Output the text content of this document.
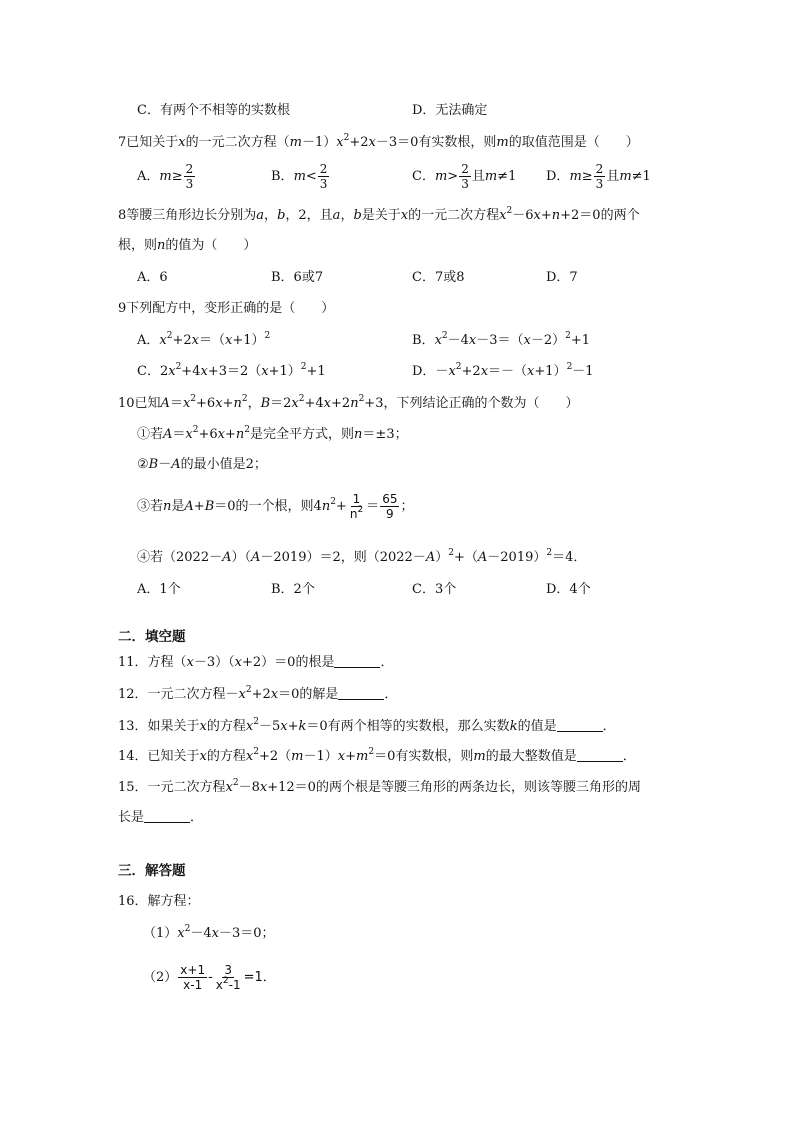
C．有两个不相等的实数根	D．无法确定
7已知关于x的一元二次方程$(m-1)x^2+2x-3=0$有实数根，则m的取值范围是（　　）
A．$m\ge \frac{2}{3}$	B．$m< \frac{2}{3}$	C．$m> \frac{2}{3}$ 且m≠1 D．$m\ge \frac{2}{3}$ 且m≠1
8等腰三角形边长分别为a，b，2，且a，b是关于x的一元二次方程$x^2-6x+n+2=0$的两个
根，则n的值为（　　）
A．6	B．6或7	C．7或8	D．7
9下列配方中，变形正确的是（　　）
A．$x^2+2x=(x+1)^2$	B．$x^2-4x-3=(x-2)^2+1$
C．$2x^2+4x+3=2(x+1)^2+1$	D．$-x^2+2x=-(x+1)^2-1$
10已知$A=x^2+6x+n^2$，$B=2x^2+4x+2n^2+3$，下列结论正确的个数为（　　）
①若$A=x^2+6x+n^2$是完全平方式，则n＝±3；
②B－A的最小值是2；
③若n是A+B＝0的一个根，则$4n^2+ \frac{1}{n^2} = \frac{65}{9}$ ；
④若（2022－A）（A－2019）＝2，则$(2022-A)^2+(A-2019)^2=4$．
A．1个	B．2个	C．3个	D．4个
二．填空题
11．方程（x－3）（x+2）＝0的根是	．
12．一元二次方程$-x^2+2x=0$的解是	．
13．如果关于x的方程$x^2-5x+k=0$有两个相等的实数根，那么实数k的值是	．
14．已知关于x的方程$x^2+2(m-1)x+m^2=0$有实数根，则m的最大整数值是	．
15．一元二次方程$x^2-8x+12=0$的两个根是等腰三角形的两条边长，则该等腰三角形的周
长是	．
三．解答题
16．解方程：
$(1)x^2-4x-3=0$；
$(2) \frac{x+1}{x-1} - \frac{3}{x^2-1} =1$．
